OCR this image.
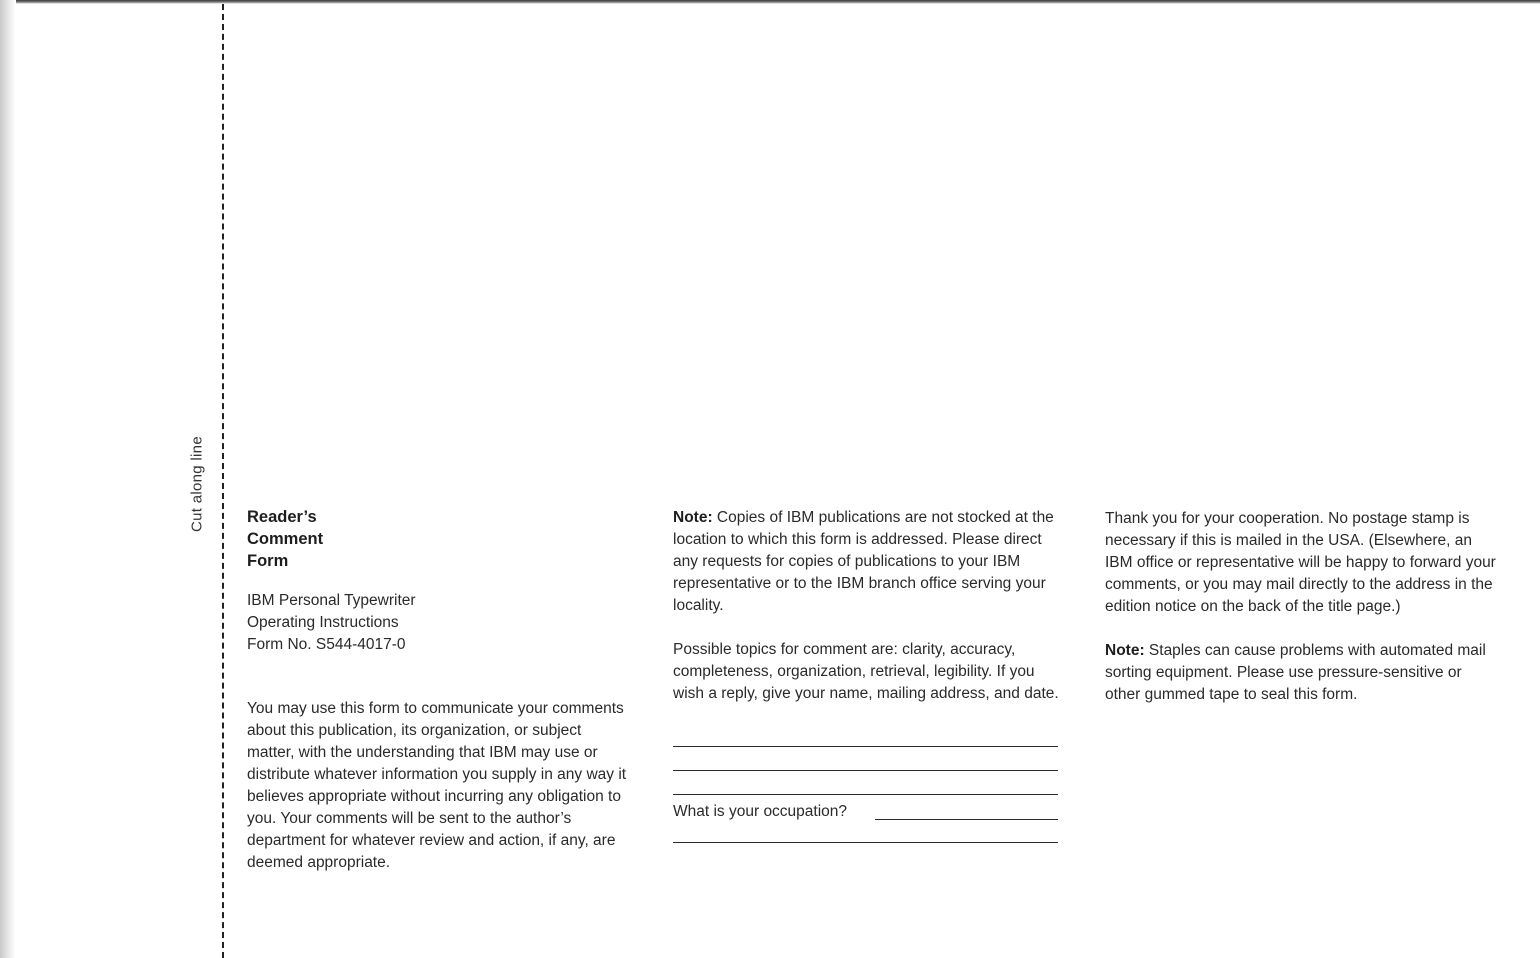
Cut along line	Reader’s
Comment
Form
IBM Personal Typewriter
Operating Instructions
Form No. S544-4017-0

You may use this form to communicate your comments about this publication, its organization, or subject matter, with the understanding that IBM may use or distribute whatever information you supply in any way it believes appropriate without incurring any obligation to you. Your comments will be sent to the author’s department for whatever review and action, if any, are deemed appropriate.

Note: Copies of IBM publications are not stocked at the location to which this form is addressed. Please direct any requests for copies of publications to your IBM representative or to the IBM branch office serving your locality.

Possible topics for comment are: clarity, accuracy, completeness, organization, retrieval, legibility. If you wish a reply, give your name, mailing address, and date.

What is your occupation?

Thank you for your cooperation. No postage stamp is necessary if this is mailed in the USA. (Elsewhere, an IBM office or representative will be happy to forward your comments, or you may mail directly to the address in the edition notice on the back of the title page.)

Note: Staples can cause problems with automated mail sorting equipment. Please use pressure-sensitive or other gummed tape to seal this form.
